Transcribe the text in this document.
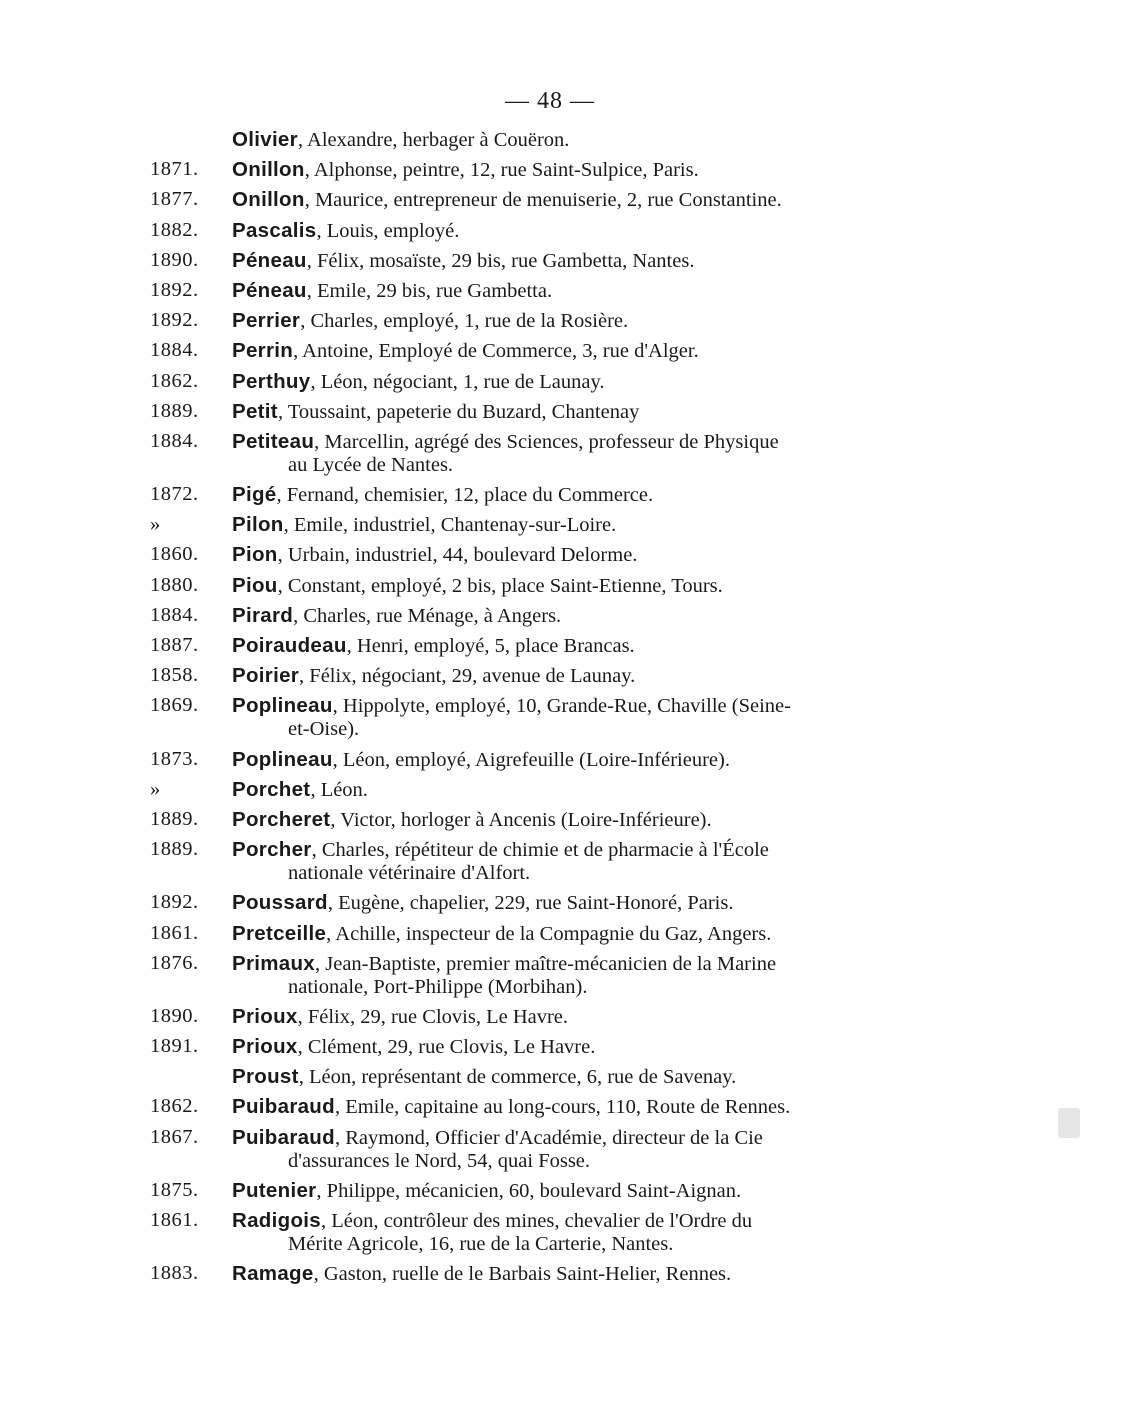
— 48 —
Olivier, Alexandre, herbager à Couëron.
1871.	Onillon, Alphonse, peintre, 12, rue Saint-Sulpice, Paris.
1877.	Onillon, Maurice, entrepreneur de menuiserie, 2, rue Constantine.
1882.	Pascalis, Louis, employé.
1890.	Péneau, Félix, mosaïste, 29 bis, rue Gambetta, Nantes.
1892.	Péneau, Emile, 29 bis, rue Gambetta.
1892.	Perrier, Charles, employé, 1, rue de la Rosière.
1884.	Perrin, Antoine, Employé de Commerce, 3, rue d'Alger.
1862.	Perthuy, Léon, négociant, 1, rue de Launay.
1889.	Petit, Toussaint, papeterie du Buzard, Chantenay
1884.	Petiteau, Marcellin, agrégé des Sciences, professeur de Physique
au Lycée de Nantes.
1872.	Pigé, Fernand, chemisier, 12, place du Commerce.
»	Pilon, Emile, industriel, Chantenay-sur-Loire.
1860.	Pion, Urbain, industriel, 44, boulevard Delorme.
1880.	Piou, Constant, employé, 2 bis, place Saint-Etienne, Tours.
1884.	Pirard, Charles, rue Ménage, à Angers.
1887.	Poiraudeau, Henri, employé, 5, place Brancas.
1858.	Poirier, Félix, négociant, 29, avenue de Launay.
1869.	Poplineau, Hippolyte, employé, 10, Grande-Rue, Chaville (Seine-
et-Oise).
1873.	Poplineau, Léon, employé, Aigrefeuille (Loire-Inférieure).
»	Porchet, Léon.
1889.	Porcheret, Victor, horloger à Ancenis (Loire-Inférieure).
1889.	Porcher, Charles, répétiteur de chimie et de pharmacie à l'École
nationale vétérinaire d'Alfort.
1892.	Poussard, Eugène, chapelier, 229, rue Saint-Honoré, Paris.
1861.	Pretceille, Achille, inspecteur de la Compagnie du Gaz, Angers.
1876.	Primaux, Jean-Baptiste, premier maître-mécanicien de la Marine
nationale, Port-Philippe (Morbihan).
1890.	Prioux, Félix, 29, rue Clovis, Le Havre.
1891.	Prioux, Clément, 29, rue Clovis, Le Havre.
Proust, Léon, représentant de commerce, 6, rue de Savenay.
1862.	Puibaraud, Emile, capitaine au long-cours, 110, Route de Rennes.
1867.	Puibaraud, Raymond, Officier d'Académie, directeur de la Cie
d'assurances le Nord, 54, quai Fosse.
1875.	Putenier, Philippe, mécanicien, 60, boulevard Saint-Aignan.
1861.	Radigois, Léon, contrôleur des mines, chevalier de l'Ordre du
Mérite Agricole, 16, rue de la Carterie, Nantes.
1883.	Ramage, Gaston, ruelle de le Barbais Saint-Helier, Rennes.
